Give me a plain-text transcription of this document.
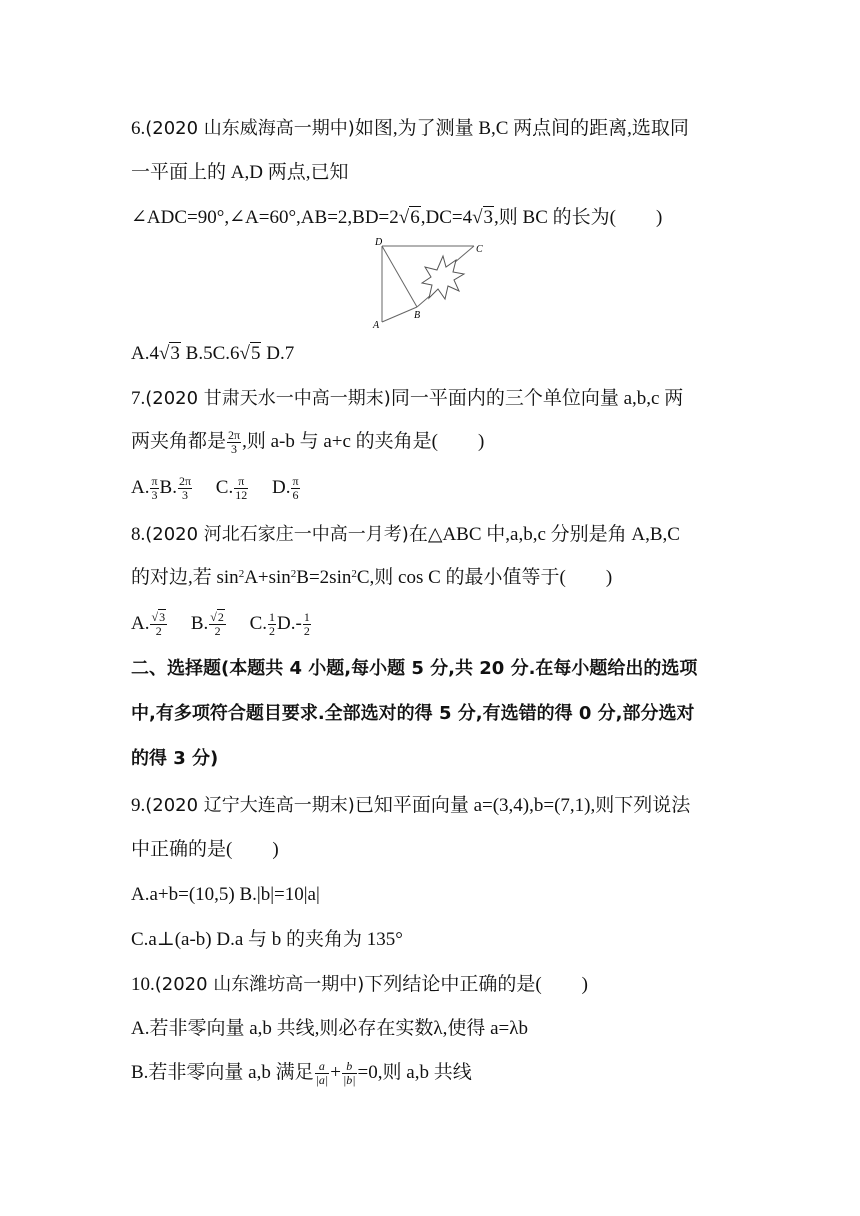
6.(2020 山东威海高一期中)如图,为了测量 B,C 两点间的距离,选取同
一平面上的 A,D 两点,已知
∠ADC=90°,∠A=60°,AB=2,BD=2√6,DC=4√3,则 BC 的长为( )
D
C
A
B
A.4√3 B.5C.6√5 D.7
7.(2020 甘肃天水一中高一期末)同一平面内的三个单位向量 a,b,c 两
两夹角都是 $\frac{2\pi}{3}$ ,则 a-b 与 a+c 的夹角是( )
A. $\frac{\pi}{3} B$. $\frac{2\pi}{3} C$. $\frac{\pi}{12} D$. $\frac{\pi}{6}$
8.(2020 河北石家庄一中高一月考)在△ABC 中,a,b,c 分别是角 A,B,C
的对边,若 $\sin^2A+\sin^2B=2\sin^2C$,则 cos C 的最小值等于( )
A. $\frac{√3}{2} B$. $\frac{√2}{2} C$. $\frac{1}{2} D.- \frac{1}{2}$
二、选择题(本题共 4 小题,每小题 5 分,共 20 分.在每小题给出的选项
中,有多项符合题目要求.全部选对的得 5 分,有选错的得 0 分,部分选对
的得 3 分)
9.(2020 辽宁大连高一期末)已知平面向量 a=(3,4),b=(7,1),则下列说法
中正确的是( )
A.a+b=(10,5) B.|b|=10|a|
C.a⊥(a-b) D.a 与 b 的夹角为 135°
10.(2020 山东潍坊高一期中)下列结论中正确的是( )
A.若非零向量 a,b 共线,则必存在实数λ,使得 a=λb
B.若非零向量 a,b 满足 $\frac{a}{|a|} + \frac{b}{|b|} =0$,则 a,b 共线
